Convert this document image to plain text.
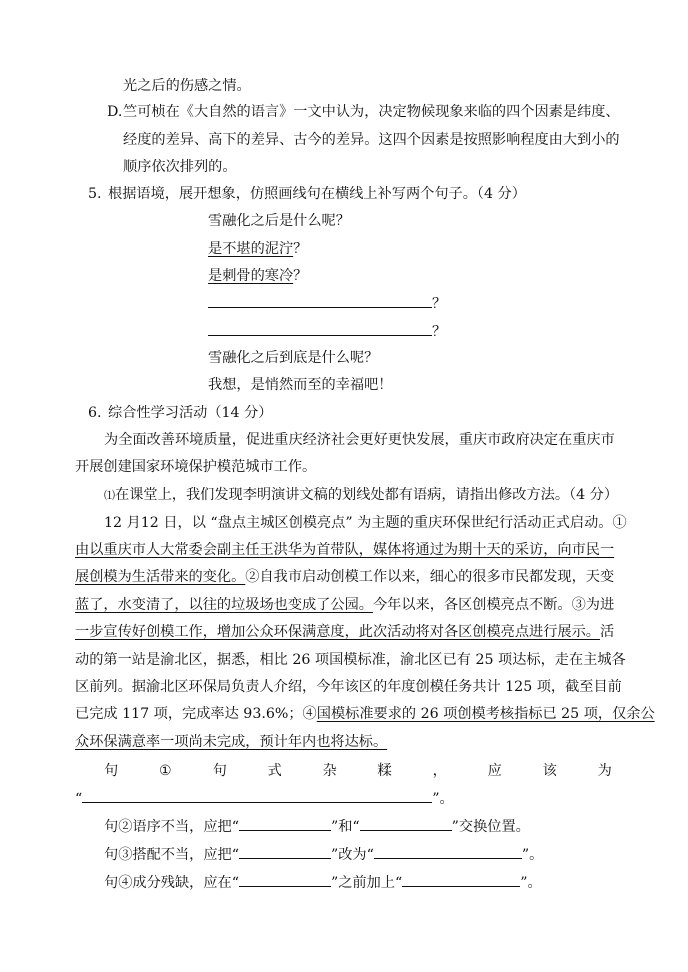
光之后的伤感之情。
D. 竺可桢在《大自然的语言》一文中认为，决定物候现象来临的四个因素是纬度、
经度的差异、高下的差异、古今的差异。这四个因素是按照影响程度由大到小的
顺序依次排列的。
5. 根据语境，展开想象，仿照画线句在横线上补写两个句子。（4 分）
雪融化之后是什么呢？
是不堪的泥泞？
是刺骨的寒冷？
？
？
雪融化之后到底是什么呢？
我想，是悄然而至的幸福吧！
6. 综合性学习活动（14 分）
为全面改善环境质量，促进重庆经济社会更好更快发展，重庆市政府决定在重庆市
开展创建国家环境保护模范城市工作。
⑴在课堂上，我们发现李明演讲文稿的划线处都有语病，请指出修改方法。（4 分）
12 月12 日，以 “盘点主城区创模亮点” 为主题的重庆环保世纪行活动正式启动。①
由以重庆市人大常委会副主任王洪华为首带队，媒体将通过为期十天的采访，向市民一
展创模为生活带来的变化。②自我市启动创模工作以来，细心的很多市民都发现，天变
蓝了，水变清了，以往的垃圾场也变成了公园。今年以来，各区创模亮点不断。③为进
一步宣传好创模工作，增加公众环保满意度，此次活动将对各区创模亮点进行展示。活
动的第一站是渝北区，据悉，相比 26 项国模标准，渝北区已有 25 项达标，走在主城各
区前列。据渝北区环保局负责人介绍，今年该区的年度创模任务共计 125 项，截至目前
已完成 117 项，完成率达 93.6%；④国模标准要求的 26 项创模考核指标已 25 项，仅余公
众环保满意率一项尚未完成，预计年内也将达标。
句	①	句	式	杂	糅	，	应	该	为
“	”。
句②语序不当，应把“	”和“	”交换位置。
句③搭配不当，应把“	”改为“	”。
句④成分残缺，应在“	”之前加上“	”。
